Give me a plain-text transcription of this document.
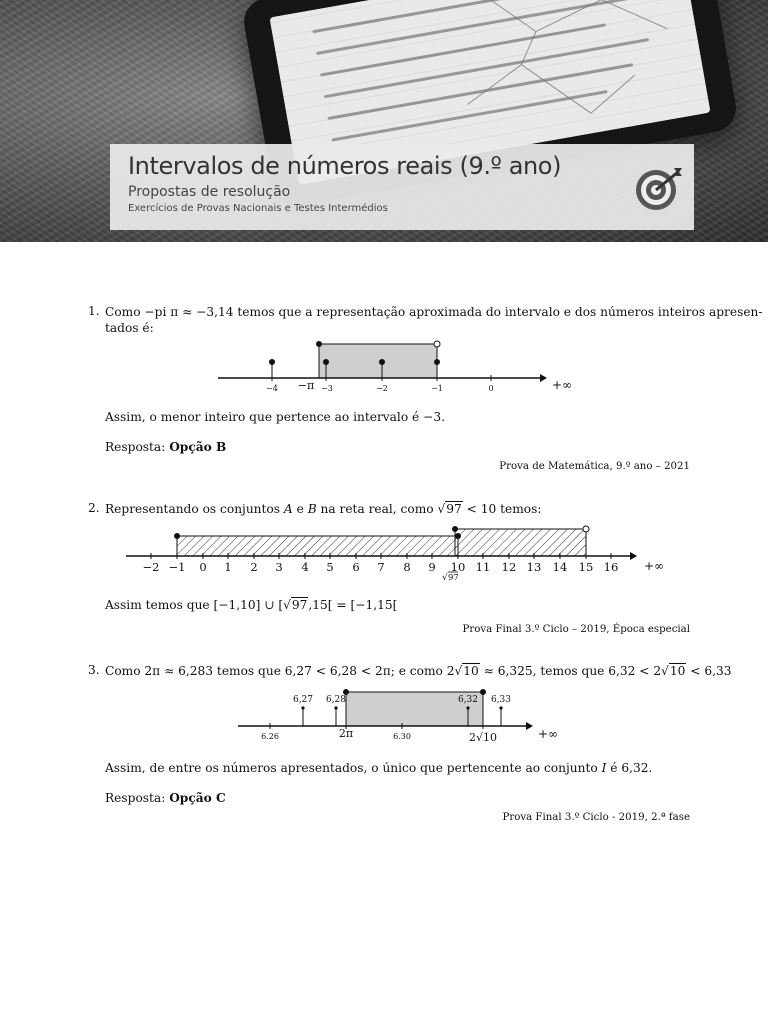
Intervalos de números reais (9.º ano)
Propostas de resolução
Exercícios de Provas Nacionais e Testes Intermédios
1. Como −pi π ≈ −3,14 temos que a representação aproximada do intervalo e dos números inteiros apresen-
tados é:
−4 −π −3	−2	−1	0	+∞
Assim, o menor inteiro que pertence ao intervalo é −3.
Resposta: Opção B
Prova de Matemática, 9.º ano – 2021
2. Representando os conjuntos A e B na reta real, como √97 < 10 temos:
−2 −1 0 1 2 3 4 5 6 7 8 9 10 11 12 13 14 15 16
√ 97
+∞
Assim temos que [−1,10] ∪ [√97,15[ = [−1,15[
Prova Final 3.º Ciclo – 2019, Época especial
3. Como 2π ≈ 6,283 temos que 6,27 < 6,28 < 2π; e como 2√10 ≈ 6,325, temos que 6,32 < 2√10 < 6,33
6,27 6,28	6,32 6,33
6.26	2π	6.30	2√10	+∞
Assim, de entre os números apresentados, o único que pertencente ao conjunto I é 6,32.
Resposta: Opção C
Prova Final 3.º Ciclo - 2019, 2.ª fase
